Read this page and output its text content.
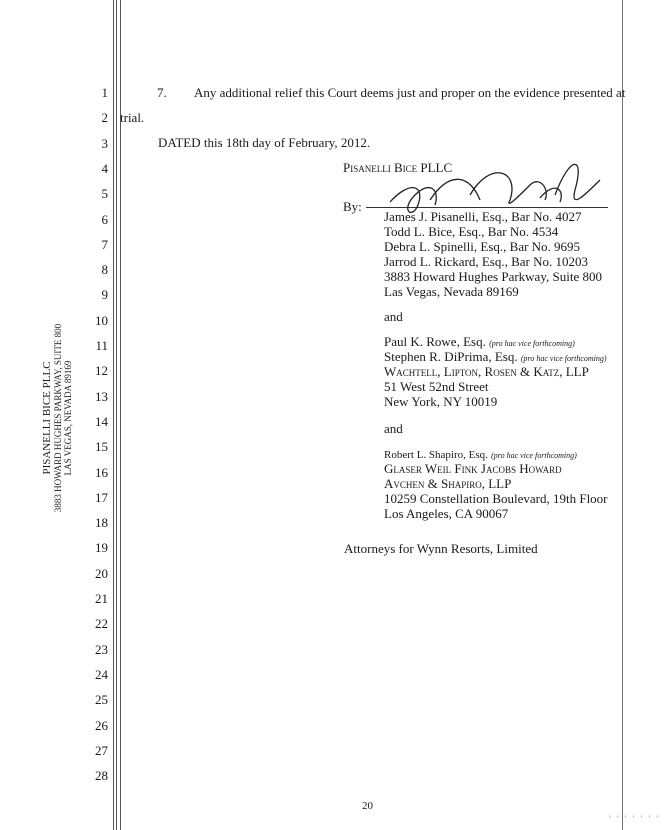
PISANELLI BICE PLLC 3883 HOWARD HUGHES PARKWAY, SUITE 800 LAS VEGAS, NEVADA 89169
1
2
3
4
5
6
7
8
9
10
11
12
13
14
15
16
17
18
19
20
21
22
23
24
25
26
27
28
7. Any additional relief this Court deems just and proper on the evidence presented at
trial.
DATED this 18th day of February, 2012.
Pisanelli Bice PLLC
By:
James J. Pisanelli, Esq., Bar No. 4027
Todd L. Bice, Esq., Bar No. 4534
Debra L. Spinelli, Esq., Bar No. 9695
Jarrod L. Rickard, Esq., Bar No. 10203
3883 Howard Hughes Parkway, Suite 800
Las Vegas, Nevada 89169
and
Paul K. Rowe, Esq. (pro hac vice forthcoming)
Stephen R. DiPrima, Esq. (pro hac vice forthcoming)
Wachtell, Lipton, Rosen & Katz, LLP
51 West 52nd Street
New York, NY 10019
and
Robert L. Shapiro, Esq. (pro hac vice forthcoming)
Glaser Weil Fink Jacobs Howard
Avchen & Shapiro, LLP
10259 Constellation Boulevard, 19th Floor
Los Angeles, CA 90067
Attorneys for Wynn Resorts, Limited
20
' ' ' ' ' ' '
